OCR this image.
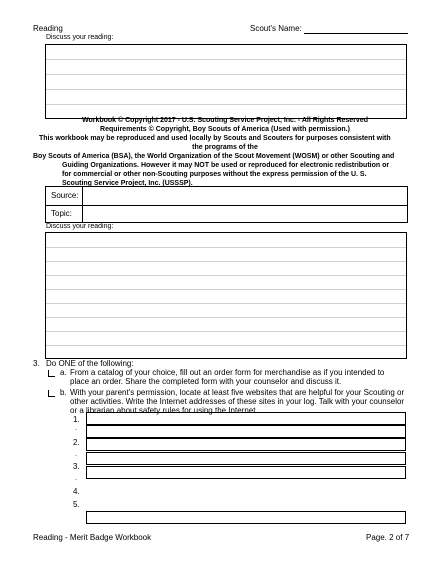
Reading	Scout's Name:
Discuss your reading:
Workbook © Copyright 2017 - U.S. Scouting Service Project, Inc. - All Rights Reserved
Requirements © Copyright, Boy Scouts of America (Used with permission.)
This workbook may be reproduced and used locally by Scouts and Scouters for purposes consistent with
the programs of the
Boy Scouts of America (BSA), the World Organization of the Scout Movement (WOSM) or other Scouting and
Guiding Organizations. However it may NOT be used or reproduced for electronic redistribution or
for commercial or other non-Scouting purposes without the express permission of the U. S.
Scouting Service Project, Inc. (USSSP).
Source:
Topic:
Discuss your reading:
3. Do ONE of the following:
a. From a catalog of your choice, fill out an order form for merchandise as if you intended to
place an order. Share the completed form with your counselor and discuss it.
b. With your parent's permission, locate at least five websites that are helpful for your Scouting or
other activities. Write the Internet addresses of these sites in your log. Talk with your counselor
or a librarian about safety rules for using the Internet.
1.
.
2.
.
3.
.
4.
5.
Reading - Merit Badge Workbook	Page. 2 of 7
